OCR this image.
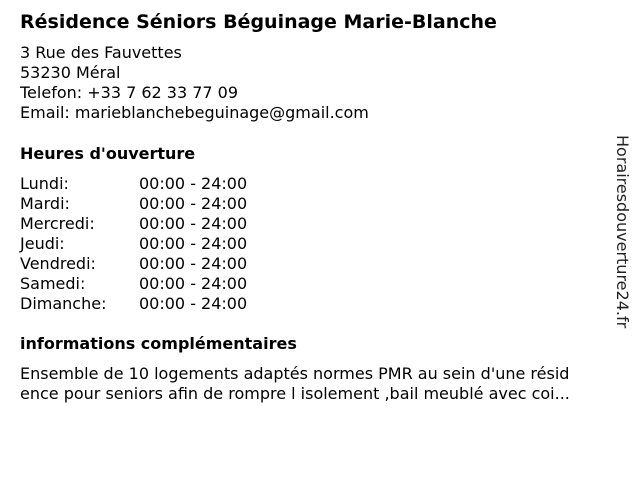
Résidence Séniors Béguinage Marie-Blanche
3 Rue des Fauvettes
53230 Méral
Telefon: +33 7 62 33 77 09
Email: marieblanchebeguinage@gmail.com
Heures d'ouverture
Lundi:	00:00 - 24:00
Mardi:	00:00 - 24:00
Mercredi:	00:00 - 24:00
Jeudi:	00:00 - 24:00
Vendredi:	00:00 - 24:00
Samedi:	00:00 - 24:00
Dimanche: 00:00 - 24:00
informations complémentaires
Ensemble de 10 logements adaptés normes PMR au sein d'une résid
ence pour seniors afin de rompre l isolement ,bail meublé avec coi...
Horairesdouverture24.fr
